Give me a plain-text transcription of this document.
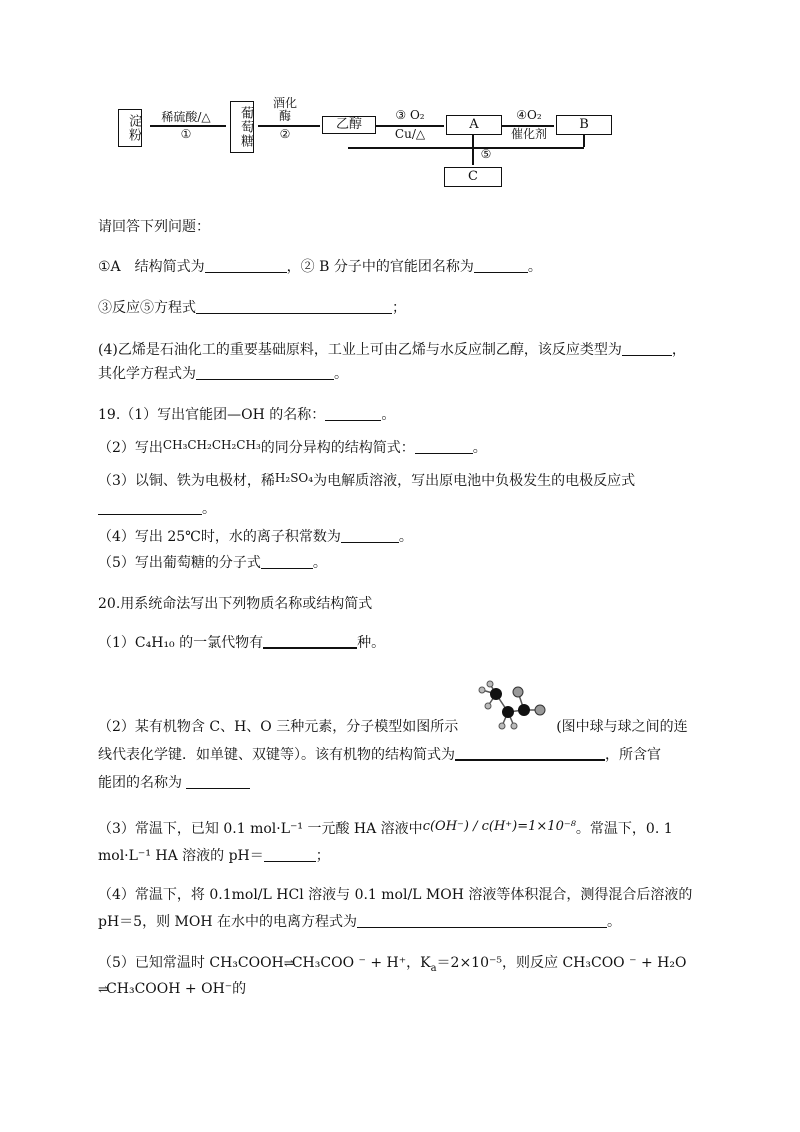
淀粉	稀硫酸/△
①	葡萄糖
酒化酶
②
乙醇
③ O₂
Cu/△
A
④O₂
催化剂
B
⑤
C
请回答下列问题：
①A　结构简式为	，② B 分子中的官能团名称为	。
③反应⑤方程式	；
(4)乙烯是石油化工的重要基础原料，工业上可由乙烯与水反应制乙醇，该反应类型为	，
其化学方程式为	。
19.（1）写出官能团—OH 的名称：	。
（2）写出CH₃CH₂CH₂CH₃的同分异构的结构简式：	。
（3）以铜、铁为电极材，稀H₂SO₄为电解质溶液，写出原电池中负极发生的电极反应式
。
（4）写出 25℃时，水的离子积常数为	。
（5）写出葡萄糖的分子式	。
20.用系统命法写出下列物质名称或结构简式
（1）C₄H₁₀ 的一氯代物有	种。
（2）某有机物含 C、H、O 三种元素，分子模型如图所示	(图中球与球之间的连
线代表化学键．如单键、双键等）。该有机物的结构简式为	，所含官
能团的名称为
（3）常温下，已知 0.1 mol·L⁻¹ 一元酸 HA 溶液中c(OH⁻) / c(H⁺)=1×10⁻⁸。常温下，0. 1
mol·L⁻¹ HA 溶液的 pH＝	；
（4）常温下，将 0.1mol/L HCl 溶液与 0.1 mol/L MOH 溶液等体积混合，测得混合后溶液的
pH＝5，则 MOH 在水中的电离方程式为	。
（5）已知常温时 CH₃COOH⇌CH₃COO ⁻ + H⁺，$K_a=2\times 10^{-5}$，则反应 CH₃COO ⁻ + H₂O
⇌CH₃COOH + OH⁻的
